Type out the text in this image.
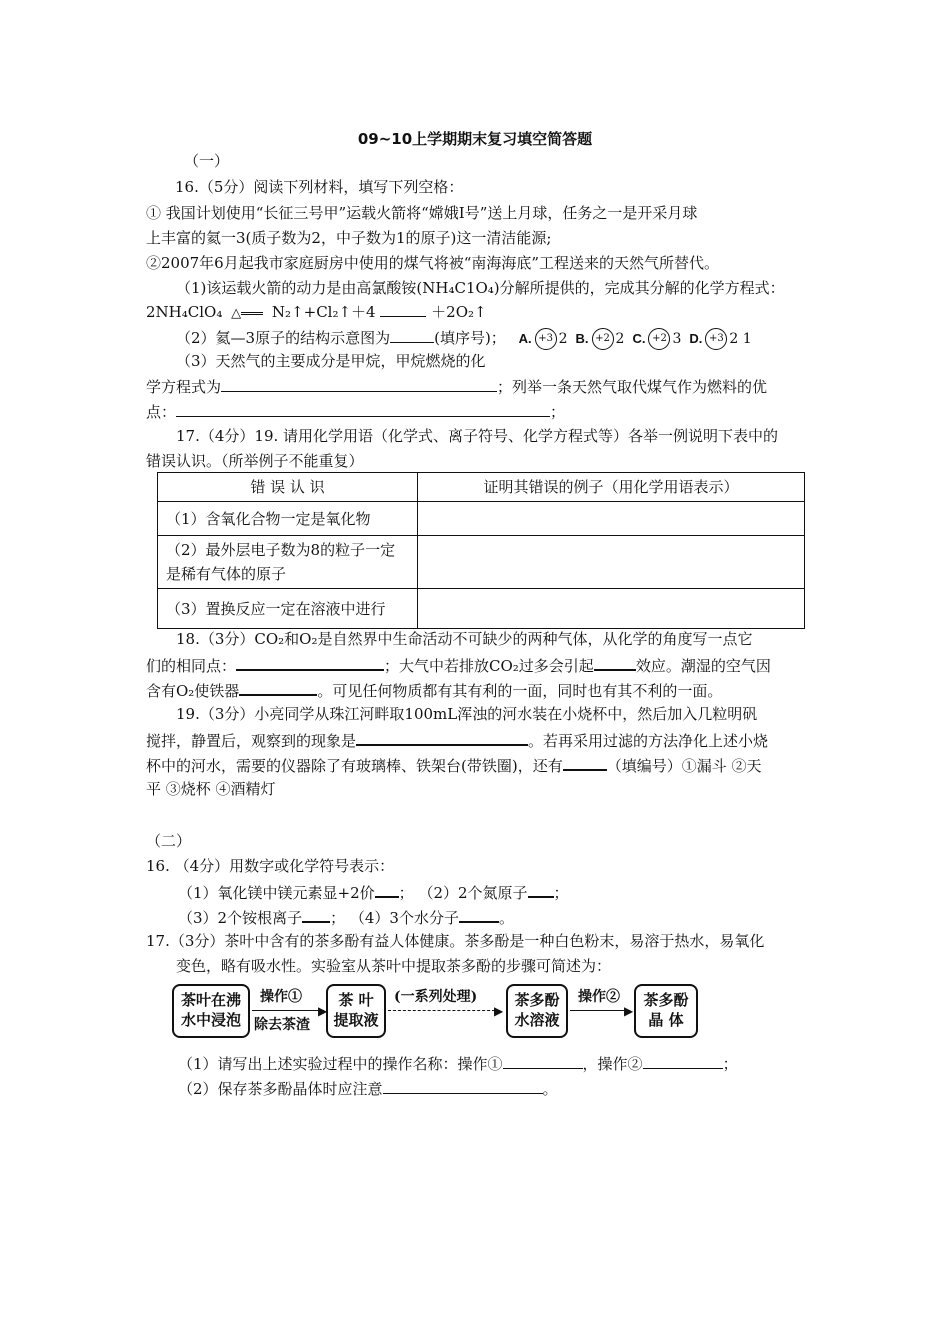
09~10上学期期末复习填空简答题
（一）
16.（5分）阅读下列材料，填写下列空格：
① 我国计划使用“长征三号甲”运载火箭将“嫦娥Ⅰ号”送上月球，任务之一是开采月球
上丰富的氦一3(质子数为2，中子数为1的原子)这一清洁能源;
②2007年6月起我市家庭厨房中使用的煤气将被“南海海底”工程送来的天然气所替代。
（1)该运载火箭的动力是由高氯酸铵(NH₄C1O₄)分解所提供的，完成其分解的化学方程式：
2NH₄ClO₄ △ N₂↑+Cl₂↑＋4	＋2O₂↑
（2）氦—3原子的结构示意图为	(填序号)； A. +3 2 B. +2 2 C. +2 3 D. +3 2 1
（3）天然气的主要成分是甲烷，甲烷燃烧的化
学方程式为	；列举一条天然气取代煤气作为燃料的优
点：	；
17.（4分）19. 请用化学用语（化学式、离子符号、化学方程式等）各举一例说明下表中的
错误认识。（所举例子不能重复）
错 误 认 识	证明其错误的例子（用化学用语表示）
（1）含氧化合物一定是氧化物	
（2）最外层电子数为8的粒子一定是稀有气体的原子	
（3）置换反应一定在溶液中进行	
18.（3分）CO₂和O₂是自然界中生命活动不可缺少的两种气体，从化学的角度写一点它
们的相同点：	；大气中若排放CO₂过多会引起	效应。潮湿的空气因
含有O₂使铁器	。可见任何物质都有其有利的一面，同时也有其不利的一面。
19.（3分）小亮同学从珠江河畔取100mL浑浊的河水装在小烧杯中，然后加入几粒明矾
搅拌，静置后，观察到的现象是	。若再采用过滤的方法净化上述小烧
杯中的河水，需要的仪器除了有玻璃棒、铁架台(带铁圈)，还有	（填编号）①漏斗 ②天
平 ③烧杯 ④酒精灯
（二）
16. （4分）用数字或化学符号表示：
（1）氧化镁中镁元素显+2价 ； （2）2个氮原子 ；
（3）2个铵根离子 ； （4）3个水分子	。
17.（3分）茶叶中含有的茶多酚有益人体健康。茶多酚是一种白色粉末，易溶于热水，易氧化
变色，略有吸水性。实验室从茶叶中提取茶多酚的步骤可简述为：
茶叶在沸
水中浸泡
操作①
▶
除去茶渣
茶 叶
提取液
(一系列处理)
▶
茶多酚
水溶液
操作②
▶
茶多酚
晶 体
（1）请写出上述实验过程中的操作名称：操作①	，操作②	；
（2）保存茶多酚晶体时应注意	。
